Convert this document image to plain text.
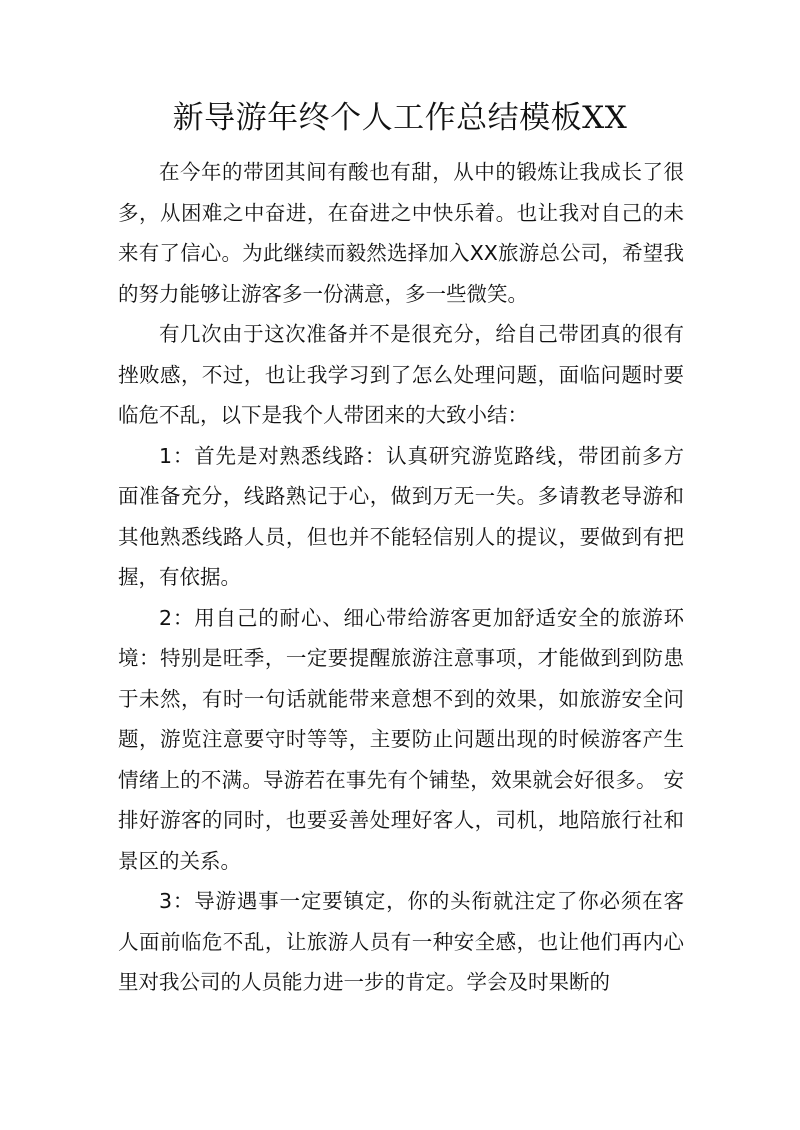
新导游年终个人工作总结模板XX

在今年的带团其间有酸也有甜，从中的锻炼让我成长了很多，从困难之中奋进，在奋进之中快乐着。也让我对自己的未来有了信心。为此继续而毅然选择加入XX旅游总公司，希望我的努力能够让游客多一份满意，多一些微笑。

有几次由于这次准备并不是很充分，给自己带团真的很有挫败感，不过，也让我学习到了怎么处理问题，面临问题时要临危不乱，以下是我个人带团来的大致小结：

1：首先是对熟悉线路：认真研究游览路线，带团前多方面准备充分，线路熟记于心，做到万无一失。多请教老导游和其他熟悉线路人员，但也并不能轻信别人的提议，要做到有把握，有依据。

2：用自己的耐心、细心带给游客更加舒适安全的旅游环境：特别是旺季，一定要提醒旅游注意事项，才能做到到防患于未然，有时一句话就能带来意想不到的效果，如旅游安全问题，游览注意要守时等等，主要防止问题出现的时候游客产生情绪上的不满。导游若在事先有个铺垫，效果就会好很多。 安排好游客的同时，也要妥善处理好客人，司机，地陪旅行社和景区的关系。

3：导游遇事一定要镇定，你的头衔就注定了你必须在客人面前临危不乱，让旅游人员有一种安全感，也让他们再内心里对我公司的人员能力进一步的肯定。学会及时果断的
